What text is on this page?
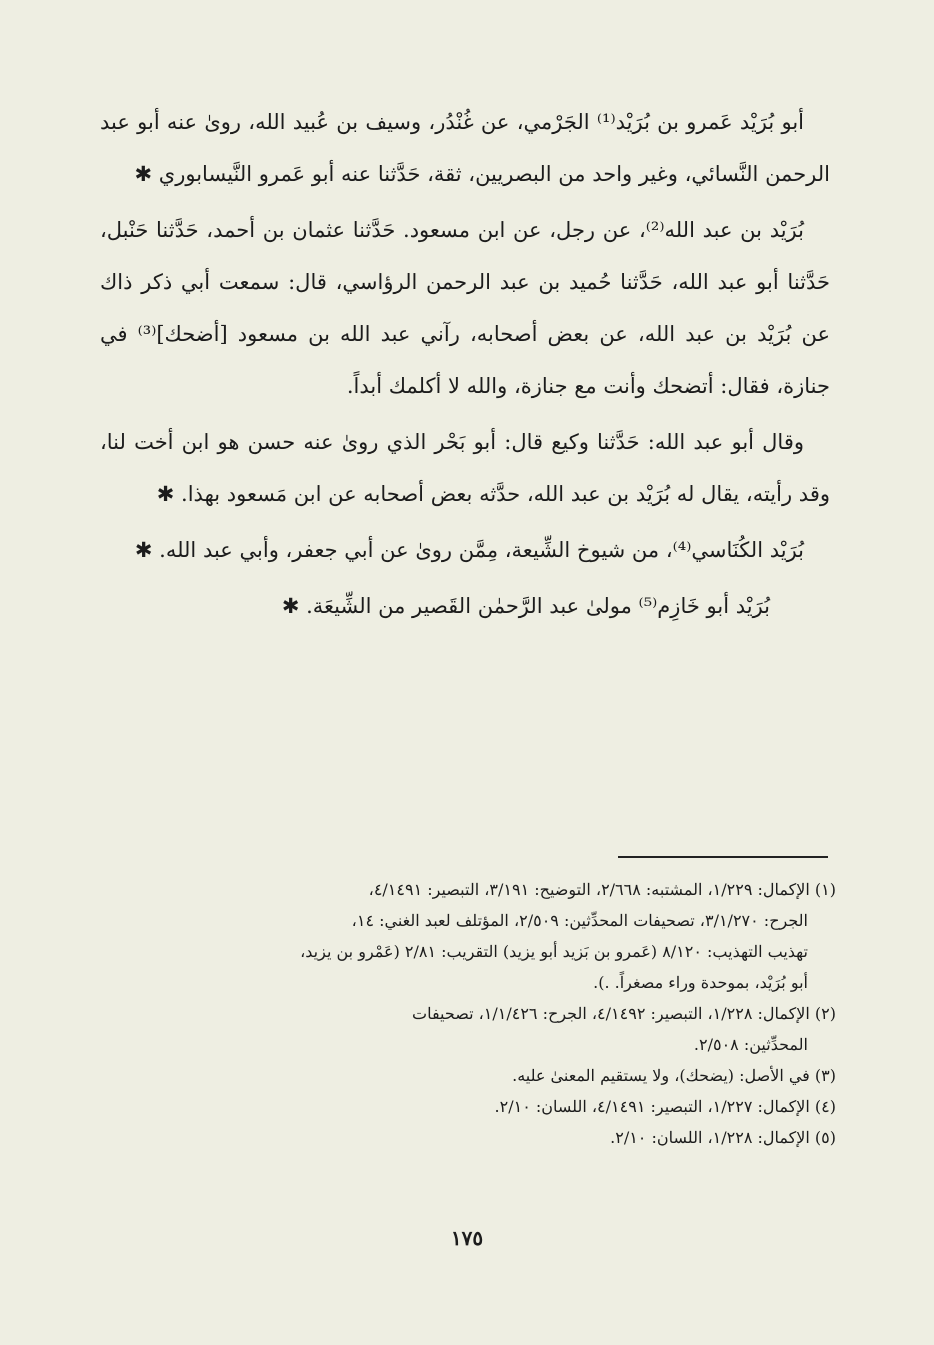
أبو بُرَيْد عَمرو بن بُرَيْد⁽¹⁾ الجَرْمي، عن غُنْدُر، وسيف بن عُبيد الله، روىٰ عنه أبو عبد الرحمن النَّسائي، وغير واحد من البصريين، ثقة، حَدَّثنا عنه أبو عَمرو النَّيسابوري ✱

بُرَيْد بن عبد الله⁽²⁾، عن رجل، عن ابن مسعود. حَدَّثنا عثمان بن أحمد، حَدَّثنا حَنْبل، حَدَّثنا أبو عبد الله، حَدَّثنا حُميد بن عبد الرحمن الرؤاسي، قال: سمعت أبي ذكر ذاك عن بُرَيْد بن عبد الله، عن بعض أصحابه، رآني عبد الله بن مسعود [أضحك]⁽³⁾ في جنازة، فقال: أتضحك وأنت مع جنازة، والله لا أكلمك أبداً.

وقال أبو عبد الله: حَدَّثنا وكيع قال: أبو بَحْر الذي روىٰ عنه حسن هو ابن أخت لنا، وقد رأيته، يقال له بُرَيْد بن عبد الله، حدَّثه بعض أصحابه عن ابن مَسعود بهذا. ✱

بُرَيْد الكُنَاسي⁽⁴⁾، من شيوخ الشِّيعة، مِمَّن روىٰ عن أبي جعفر، وأبي عبد الله. ✱

بُرَيْد أبو خَازِم⁽⁵⁾ مولىٰ عبد الرَّحمٰن القَصير من الشِّيعَة. ✱

(١) الإكمال: ١/٢٢٩، المشتبه: ٢/٦٦٨، التوضيح: ٣/١٩١، التبصير: ٤/١٤٩١،

الجرح: ٣/١/٢٧٠، تصحيفات المحدِّثين: ٢/٥٠٩، المؤتلف لعبد الغني: ١٤،

تهذيب التهذيب: ٨/١٢٠ (عَمرو بن بَزيد أبو يزيد) التقريب: ٢/٨١ (عَمْرو بن يزيد،

أبو بُرَيْد، بموحدة وراء مصغراً. .).

(٢) الإكمال: ١/٢٢٨، التبصير: ٤/١٤٩٢، الجرح: ١/١/٤٢٦، تصحيفات

المحدِّثين: ٢/٥٠٨.

(٣) في الأصل: (يضحك)، ولا يستقيم المعنىٰ عليه.

(٤) الإكمال: ١/٢٢٧، التبصير: ٤/١٤٩١، اللسان: ٢/١٠.

(٥) الإكمال: ١/٢٢٨، اللسان: ٢/١٠.

١٧٥
